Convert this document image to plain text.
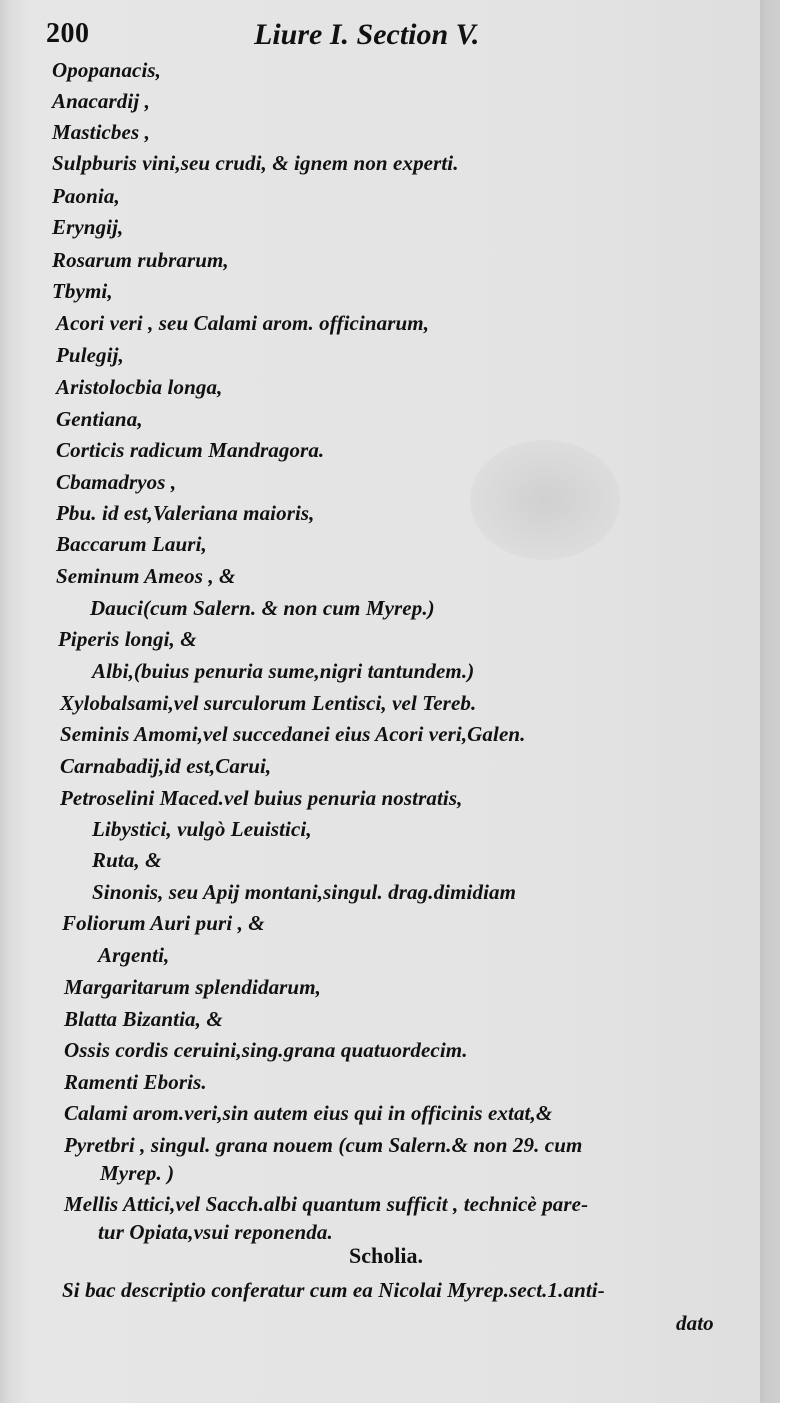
200	Liure I. Section V.
Opopanacis,
Anacardij ,
Masticbes ,
Sulpburis vini,seu crudi, & ignem non experti.
Paonia,
Eryngij,
Rosarum rubrarum,
Tbymi,
Acori veri , seu Calami arom. officinarum,
Pulegij,
Aristolocbia longa,
Gentiana,
Corticis radicum Mandragora.
Cbamadryos ,
Pbu. id est,Valeriana maioris,
Baccarum Lauri,
Seminum Ameos , &
Dauci(cum Salern. & non cum Myrep.)
Piperis longi, &
Albi,(buius penuria sume,nigri tantundem.)
Xylobalsami,vel surculorum Lentisci, vel Tereb.
Seminis Amomi,vel succedanei eius Acori veri,Galen.
Carnabadij,id est,Carui,
Petroselini Maced.vel buius penuria nostratis,
Libystici, vulgò Leuistici,
Ruta, &
Sinonis, seu Apij montani,singul. drag.dimidiam
Foliorum Auri puri , &
Argenti,
Margaritarum splendidarum,
Blatta Bizantia, &
Ossis cordis ceruini,sing.grana quatuordecim.
Ramenti Eboris.
Calami arom.veri,sin autem eius qui in officinis extat,&
Pyretbri , singul. grana nouem (cum Salern.& non 29. cum
Myrep. )
Mellis Attici,vel Sacch.albi quantum sufficit , technicè pare-
tur Opiata,vsui reponenda.
Si bac descriptio conferatur cum ea Nicolai Myrep.sect.1.anti-
dato
Scholia.
